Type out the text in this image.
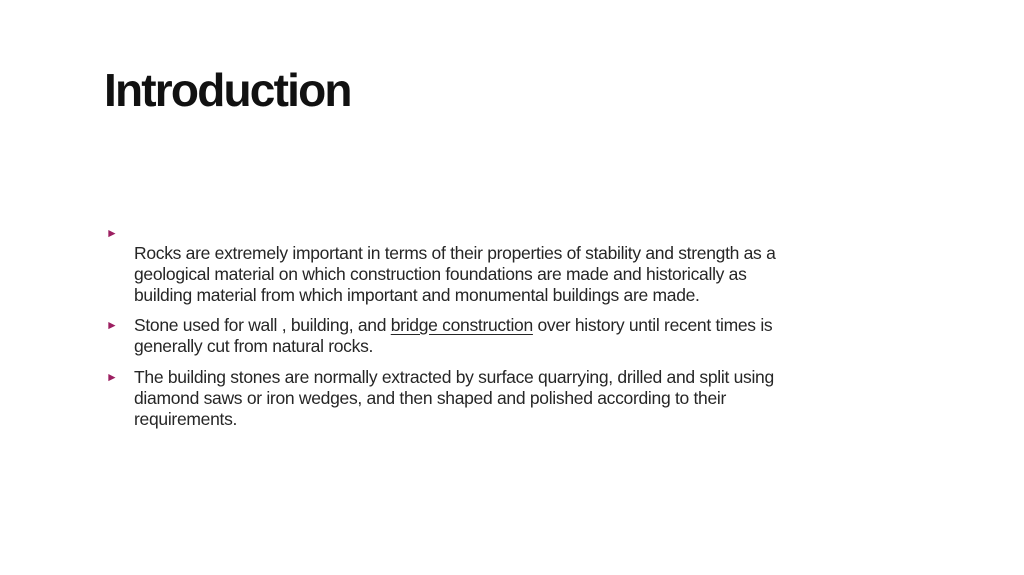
Introduction
►
Rocks are extremely important in terms of their properties of stability and strength as a geological material on which construction foundations are made and historically as building material from which important and monumental buildings are made.
► Stone used for wall , building, and bridge construction over history until recent times is generally cut from natural rocks.
► The building stones are normally extracted by surface quarrying, drilled and split using diamond saws or iron wedges, and then shaped and polished according to their requirements.
